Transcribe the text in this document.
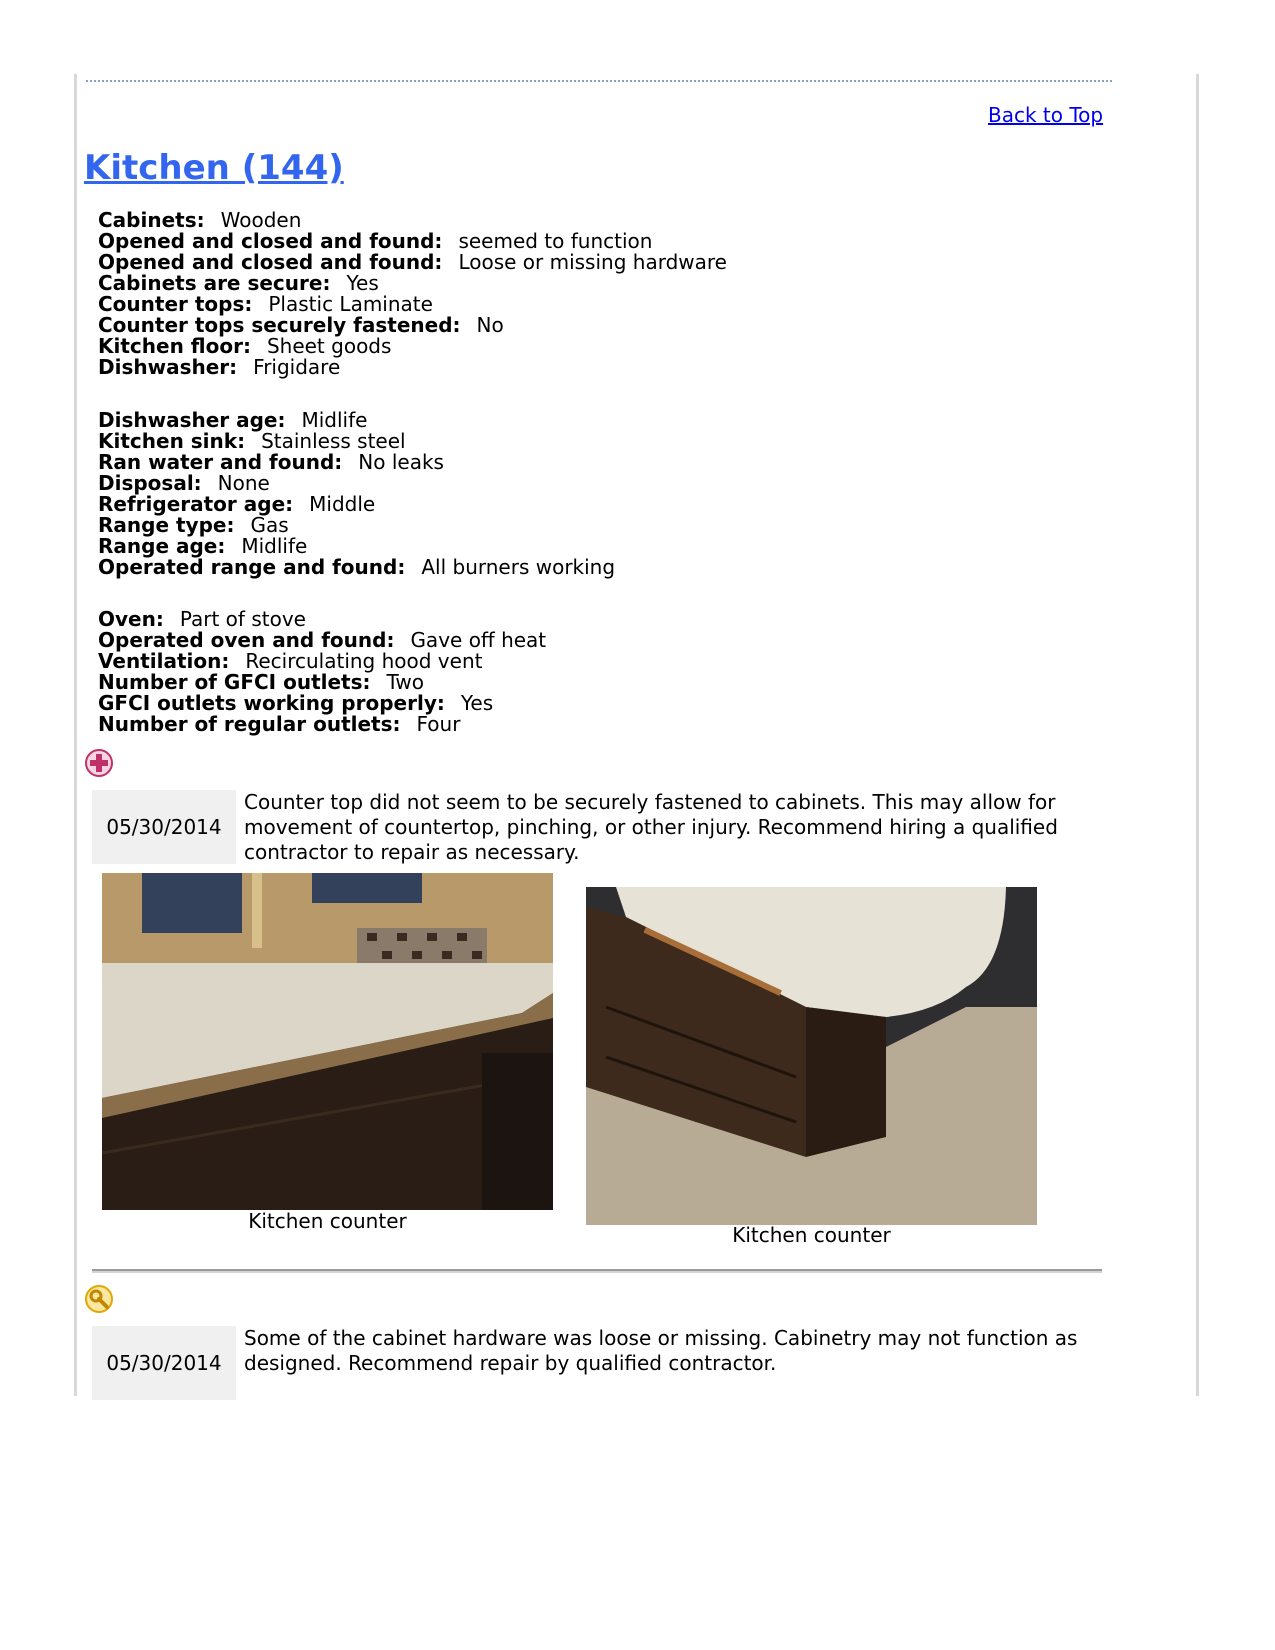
Back to Top
Kitchen (144)
Cabinets: Wooden
Opened and closed and found: seemed to function
Opened and closed and found: Loose or missing hardware
Cabinets are secure: Yes
Counter tops: Plastic Laminate
Counter tops securely fastened: No
Kitchen floor: Sheet goods
Dishwasher: Frigidare
Dishwasher age: Midlife
Kitchen sink: Stainless steel
Ran water and found: No leaks
Disposal: None
Refrigerator age: Middle
Range type: Gas
Range age: Midlife
Operated range and found: All burners working
Oven: Part of stove
Operated oven and found: Gave off heat
Ventilation: Recirculating hood vent
Number of GFCI outlets: Two
GFCI outlets working properly: Yes
Number of regular outlets: Four
05/30/2014
Counter top did not seem to be securely fastened to cabinets. This may allow for movement of countertop, pinching, or other injury. Recommend hiring a qualified contractor to repair as necessary.
Kitchen counter
Kitchen counter
05/30/2014
Some of the cabinet hardware was loose or missing. Cabinetry may not function as designed. Recommend repair by qualified contractor.
